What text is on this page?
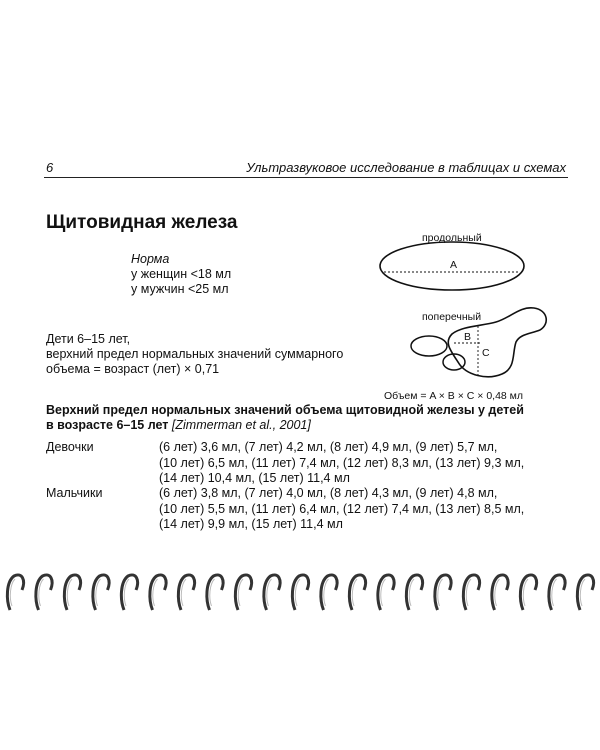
6	Ультразвуковое исследование в таблицах и схемах
Щитовидная железа
Норма
у женщин <18 мл
у мужчин <25 мл
Дети 6–15 лет,
верхний предел нормальных значений суммарного
объема = возраст (лет) × 0,71
продольный
A
поперечный
B
C
Объем = A × B × C × 0,48 мл
Верхний предел нормальных значений объема щитовидной железы у детей
в возрасте 6–15 лет [Zimmerman et al., 2001]
Девочки	(6 лет) 3,6 мл, (7 лет) 4,2 мл, (8 лет) 4,9 мл, (9 лет) 5,7 мл,
(10 лет) 6,5 мл, (11 лет) 7,4 мл, (12 лет) 8,3 мл, (13 лет) 9,3 мл,
(14 лет) 10,4 мл, (15 лет) 11,4 мл
Мальчики	(6 лет) 3,8 мл, (7 лет) 4,0 мл, (8 лет) 4,3 мл, (9 лет) 4,8 мл,
(10 лет) 5,5 мл, (11 лет) 6,4 мл, (12 лет) 7,4 мл, (13 лет) 8,5 мл,
(14 лет) 9,9 мл, (15 лет) 11,4 мл
